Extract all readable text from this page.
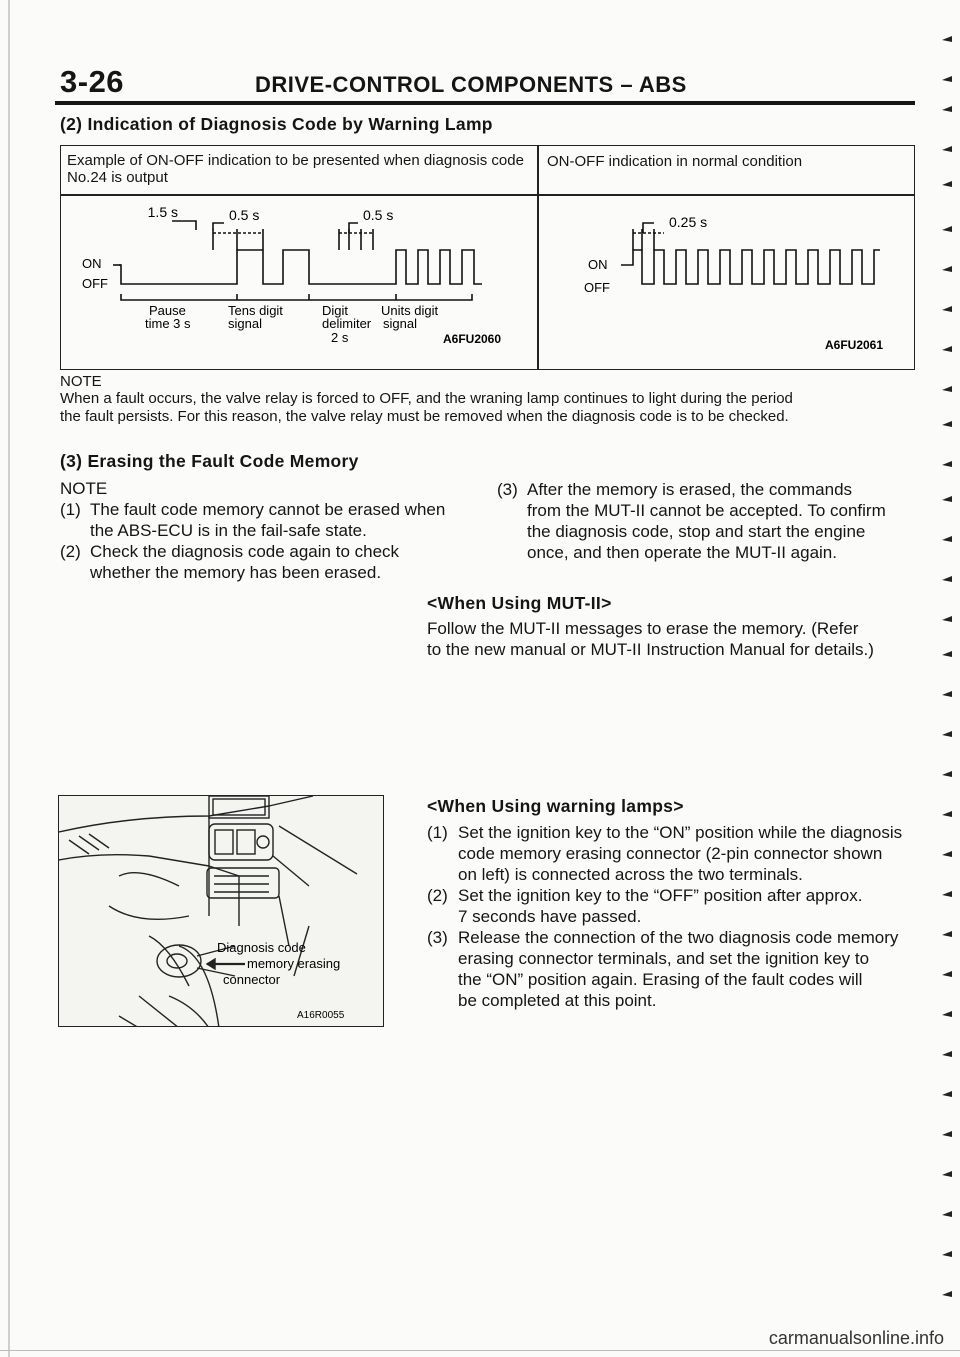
3-26	DRIVE-CONTROL COMPONENTS – ABS
(2) Indication of Diagnosis Code by Warning Lamp
Example of ON-OFF indication to be presented when diagnosis code No.24 is output
ON-OFF indication in normal condition
1.5 s	0.5 s	0.5 s
ON
OFF
Pause
time 3 s
Tens digit
signal
Digit
delimiter
2 s
Units digit
signal
A6FU2060
0.25 s
ON
OFF
A6FU2061
NOTE
When a fault occurs, the valve relay is forced to OFF, and the wraning lamp continues to light during the period
the fault persists. For this reason, the valve relay must be removed when the diagnosis code is to be checked.
(3) Erasing the Fault Code Memory
NOTE
(1) The fault code memory cannot be erased when
the ABS-ECU is in the fail-safe state.
(2) Check the diagnosis code again to check
whether the memory has been erased.
(3) After the memory is erased, the commands
from the MUT-II cannot be accepted. To confirm
the diagnosis code, stop and start the engine
once, and then operate the MUT-II again.
<When Using MUT-II>
Follow the MUT-II messages to erase the memory. (Refer
to the new manual or MUT-II Instruction Manual for details.)
<When Using warning lamps>
(1) Set the ignition key to the “ON” position while the diagnosis
code memory erasing connector (2-pin connector shown
on left) is connected across the two terminals.
(2) Set the ignition key to the “OFF” position after approx.
7 seconds have passed.
(3) Release the connection of the two diagnosis code memory
erasing connector terminals, and set the ignition key to
the “ON” position again. Erasing of the fault codes will
be completed at this point.
Diagnosis code
memory erasing
connector
A16R0055
carmanualsonline.info
